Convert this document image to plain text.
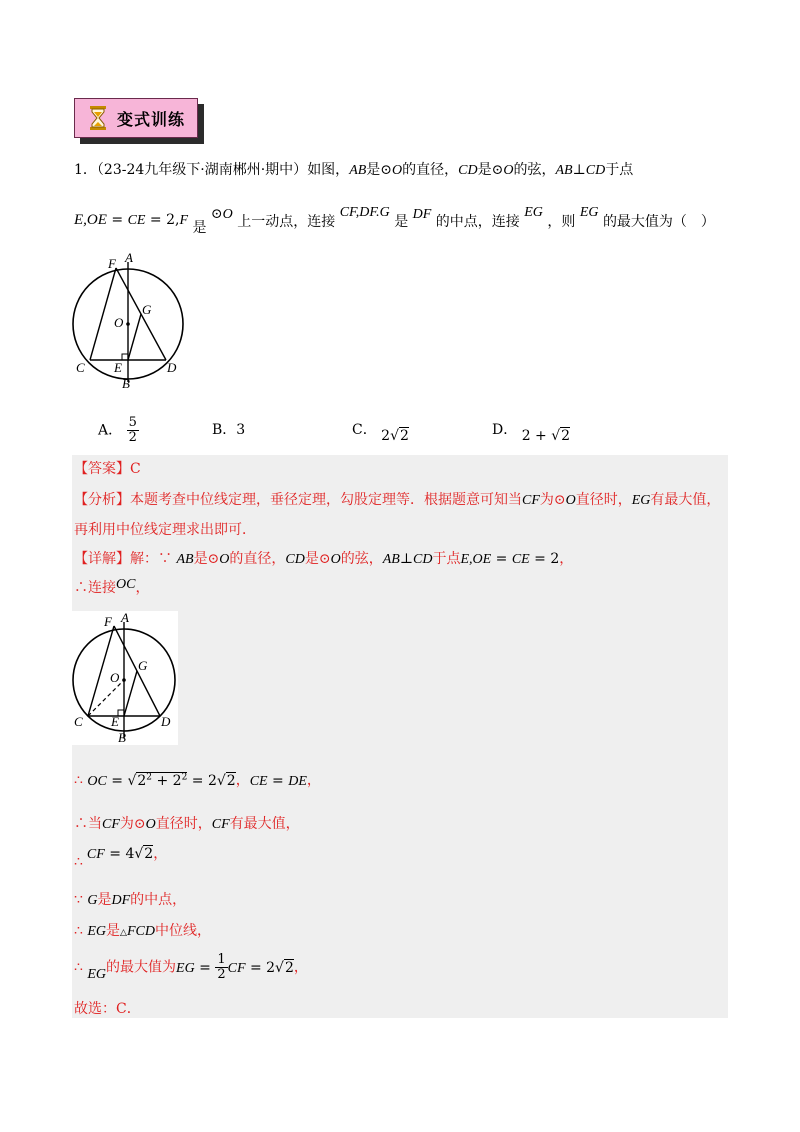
变式训练
1．（23-24九年级下·湖南郴州·期中）如图，AB是⊙O的直径，CD是⊙O的弦，AB⊥CD于点
E,OE = CE = 2,F 是 ⊙O 上一动点，连接 CF,DF.G 是 DF 的中点，连接 EG ，则 EG 的最大值为（　）
F A
G
O
C E
B
D
A． $\frac{5}{2}$	B．3	C． 2√2	D． 2 + √2
【答案】C
【分析】本题考查中位线定理，垂径定理，勾股定理等．根据题意可知当CF为⊙O直径时，EG有最大值，
再利用中位线定理求出即可．
【详解】解：∵ AB是⊙O的直径，CD是⊙O的弦，AB⊥CD于点E,OE = CE = 2，
∴连接OC，
F A
G
O
C E
B
D
∴ OC = $√2^2 + 2^2 = 2√2$，CE = DE，
∴当CF为⊙O直径时，CF有最大值，
∴ CF = 4√2，
∵ G是DF的中点，
∴ EG是△FCD中位线，
∴ EG的最大值为EG = $\frac{1}{2}$ CF = 2√2，
故选：C．
